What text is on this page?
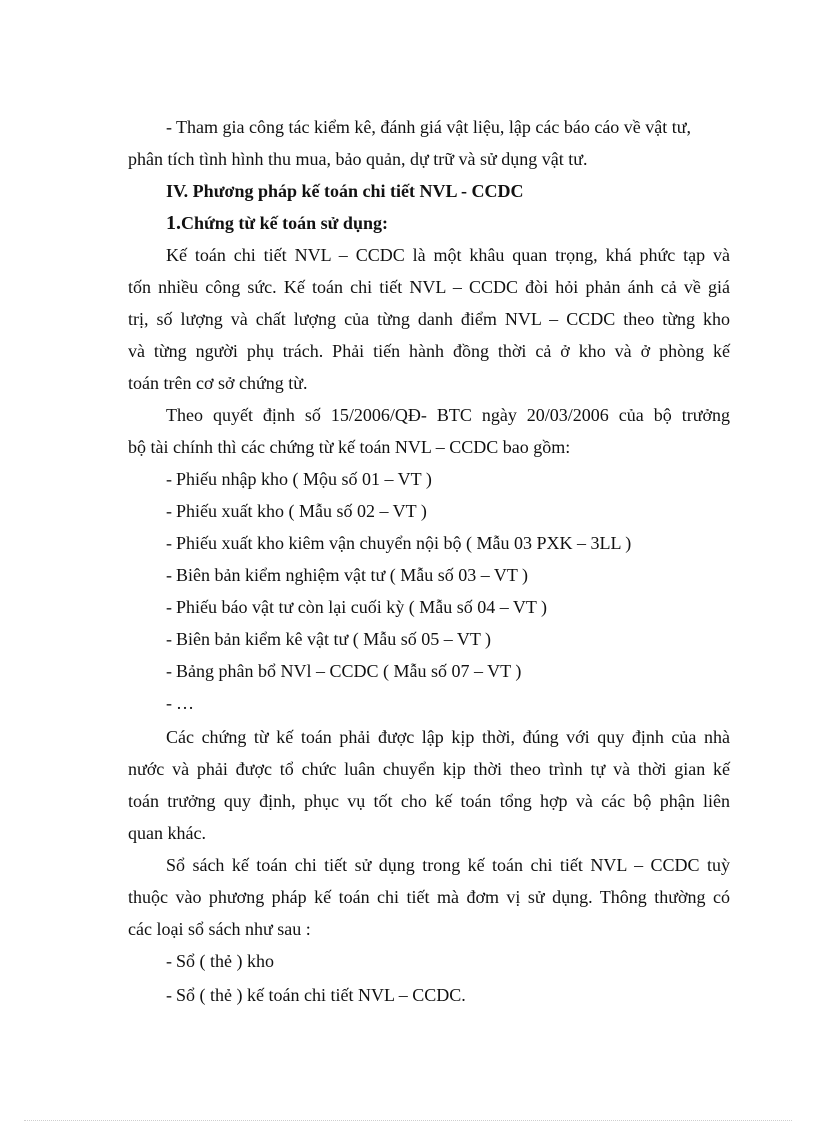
- Tham gia công tác kiểm kê, đánh giá vật liệu, lập các báo cáo về vật tư,
phân tích tình hình thu mua, bảo quản, dự trữ và sử dụng vật tư.
IV. Phương pháp kế toán chi tiết NVL - CCDC
1.Chứng từ kế toán sử dụng:
Kế toán chi tiết NVL – CCDC là một khâu quan trọng, khá phức tạp và
tốn nhiều công sức. Kế toán chi tiết NVL – CCDC đòi hỏi phản ánh cả về giá
trị, số lượng và chất lượng của từng danh điểm NVL – CCDC theo từng kho
và từng người phụ trách. Phải tiến hành đồng thời cả ở kho và ở phòng kế
toán trên cơ sở chứng từ.
Theo quyết định số 15/2006/QĐ- BTC ngày 20/03/2006 của bộ trưởng
bộ tài chính thì các chứng từ kế toán NVL – CCDC bao gồm:
- Phiếu nhập kho ( Mộu số 01 – VT )
- Phiếu xuất kho ( Mẫu số 02 – VT )
- Phiếu xuất kho kiêm vận chuyển nội bộ ( Mẫu 03 PXK – 3LL )
- Biên bản kiểm nghiệm vật tư ( Mẫu số 03 – VT )
- Phiếu báo vật tư còn lại cuối kỳ ( Mẫu số 04 – VT )
- Biên bản kiểm kê vật tư ( Mẫu số 05 – VT )
- Bảng phân bổ NVl – CCDC ( Mẫu số 07 – VT )
- …
Các chứng từ kế toán phải được lập kịp thời, đúng với quy định của nhà
nước và phải được tổ chức luân chuyển kịp thời theo trình tự và thời gian kế
toán trưởng quy định, phục vụ tốt cho kế toán tổng hợp và các bộ phận liên
quan khác.
Sổ sách kế toán chi tiết sử dụng trong kế toán chi tiết NVL – CCDC tuỳ
thuộc vào phương pháp kế toán chi tiết mà đơm vị sử dụng. Thông thường có
các loại sổ sách như sau :
- Sổ ( thẻ ) kho
- Sổ ( thẻ ) kế toán chi tiết NVL – CCDC.
